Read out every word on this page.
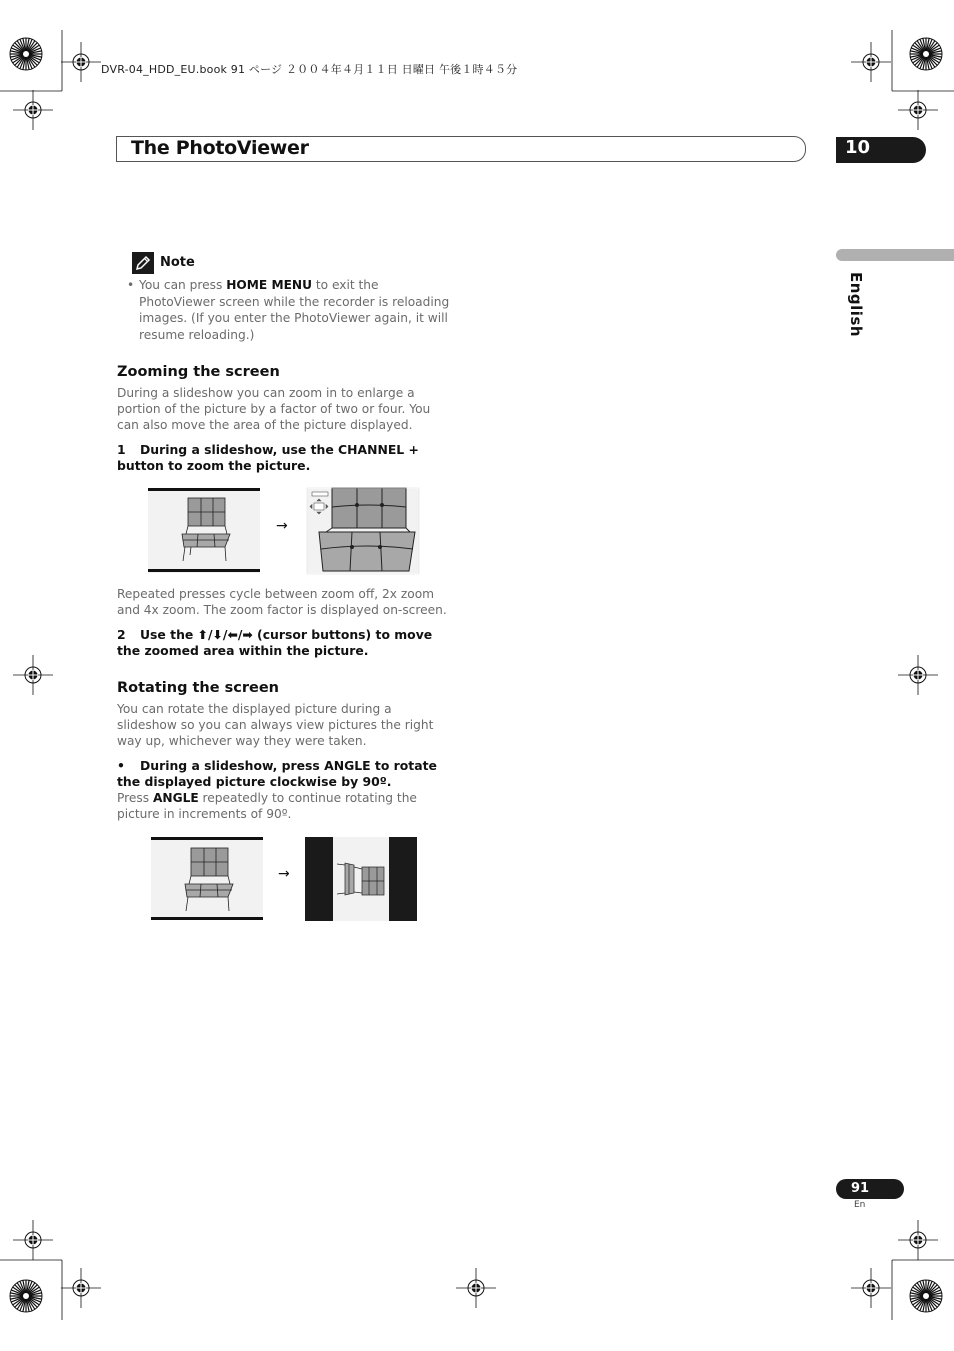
DVR-04_HDD_EU.book 91 ページ ２００４年４月１１日 日曜日 午後１時４５分
The PhotoViewer	10
English
Note
• You can press HOME MENU to exit the PhotoViewer screen while the recorder is reloading images. (If you enter the PhotoViewer again, it will resume reloading.)
Zooming the screen
During a slideshow you can zoom in to enlarge a portion of the picture by a factor of two or four. You can also move the area of the picture displayed.
1 During a slideshow, use the CHANNEL + button to zoom the picture.
→
Repeated presses cycle between zoom off, 2x zoom and 4x zoom. The zoom factor is displayed on-screen.
2 Use the ⬆/⬇/⬅/➡ (cursor buttons) to move the zoomed area within the picture.
Rotating the screen
You can rotate the displayed picture during a slideshow so you can always view pictures the right way up, whichever way they were taken.
• During a slideshow, press ANGLE to rotate the displayed picture clockwise by 90º.
Press ANGLE repeatedly to continue rotating the picture in increments of 90º.
→
91
En
